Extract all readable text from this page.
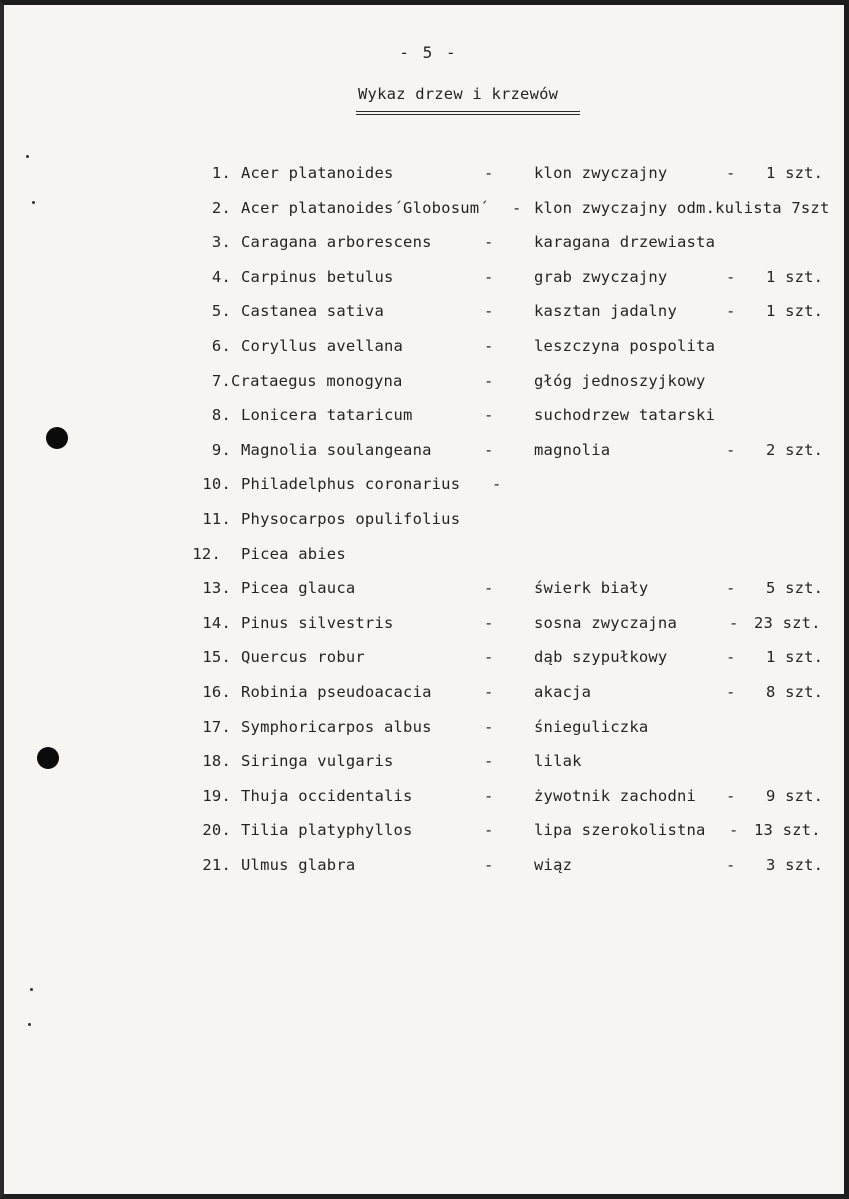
- 5 -
Wykaz drzew i krzewów
1. Acer platanoides	-	klon zwyczajny	- 1 szt.
2. Acer platanoides´Globosum´ - klon zwyczajny odm.kulista 7szt
3. Caragana arborescens	-	karagana drzewiasta
4. Carpinus betulus	-	grab zwyczajny	- 1 szt.
5. Castanea sativa	-	kasztan jadalny	- 1 szt.
6. Coryllus avellana	-	leszczyna pospolita
7. Crataegus monogyna	-	głóg jednoszyjkowy
8. Lonicera tataricum	-	suchodrzew tatarski
9. Magnolia soulangeana	-	magnolia	- 2 szt.
10. Philadelphus coronarius -
11. Physocarpos opulifolius
12. Picea abies
13. Picea glauca	-	świerk biały	- 5 szt.
14. Pinus silvestris	-	sosna zwyczajna	- 23 szt.
15. Quercus robur	-	dąb szypułkowy	- 1 szt.
16. Robinia pseudoacacia	-	akacja	- 8 szt.
17. Symphoricarpos albus	-	śnieguliczka
18. Siringa vulgaris	-	lilak
19. Thuja occidentalis	-	żywotnik zachodni - 9 szt.
20. Tilia platyphyllos	-	lipa szerokolistna - 13 szt.
21. Ulmus glabra	-	wiąz	- 3 szt.
